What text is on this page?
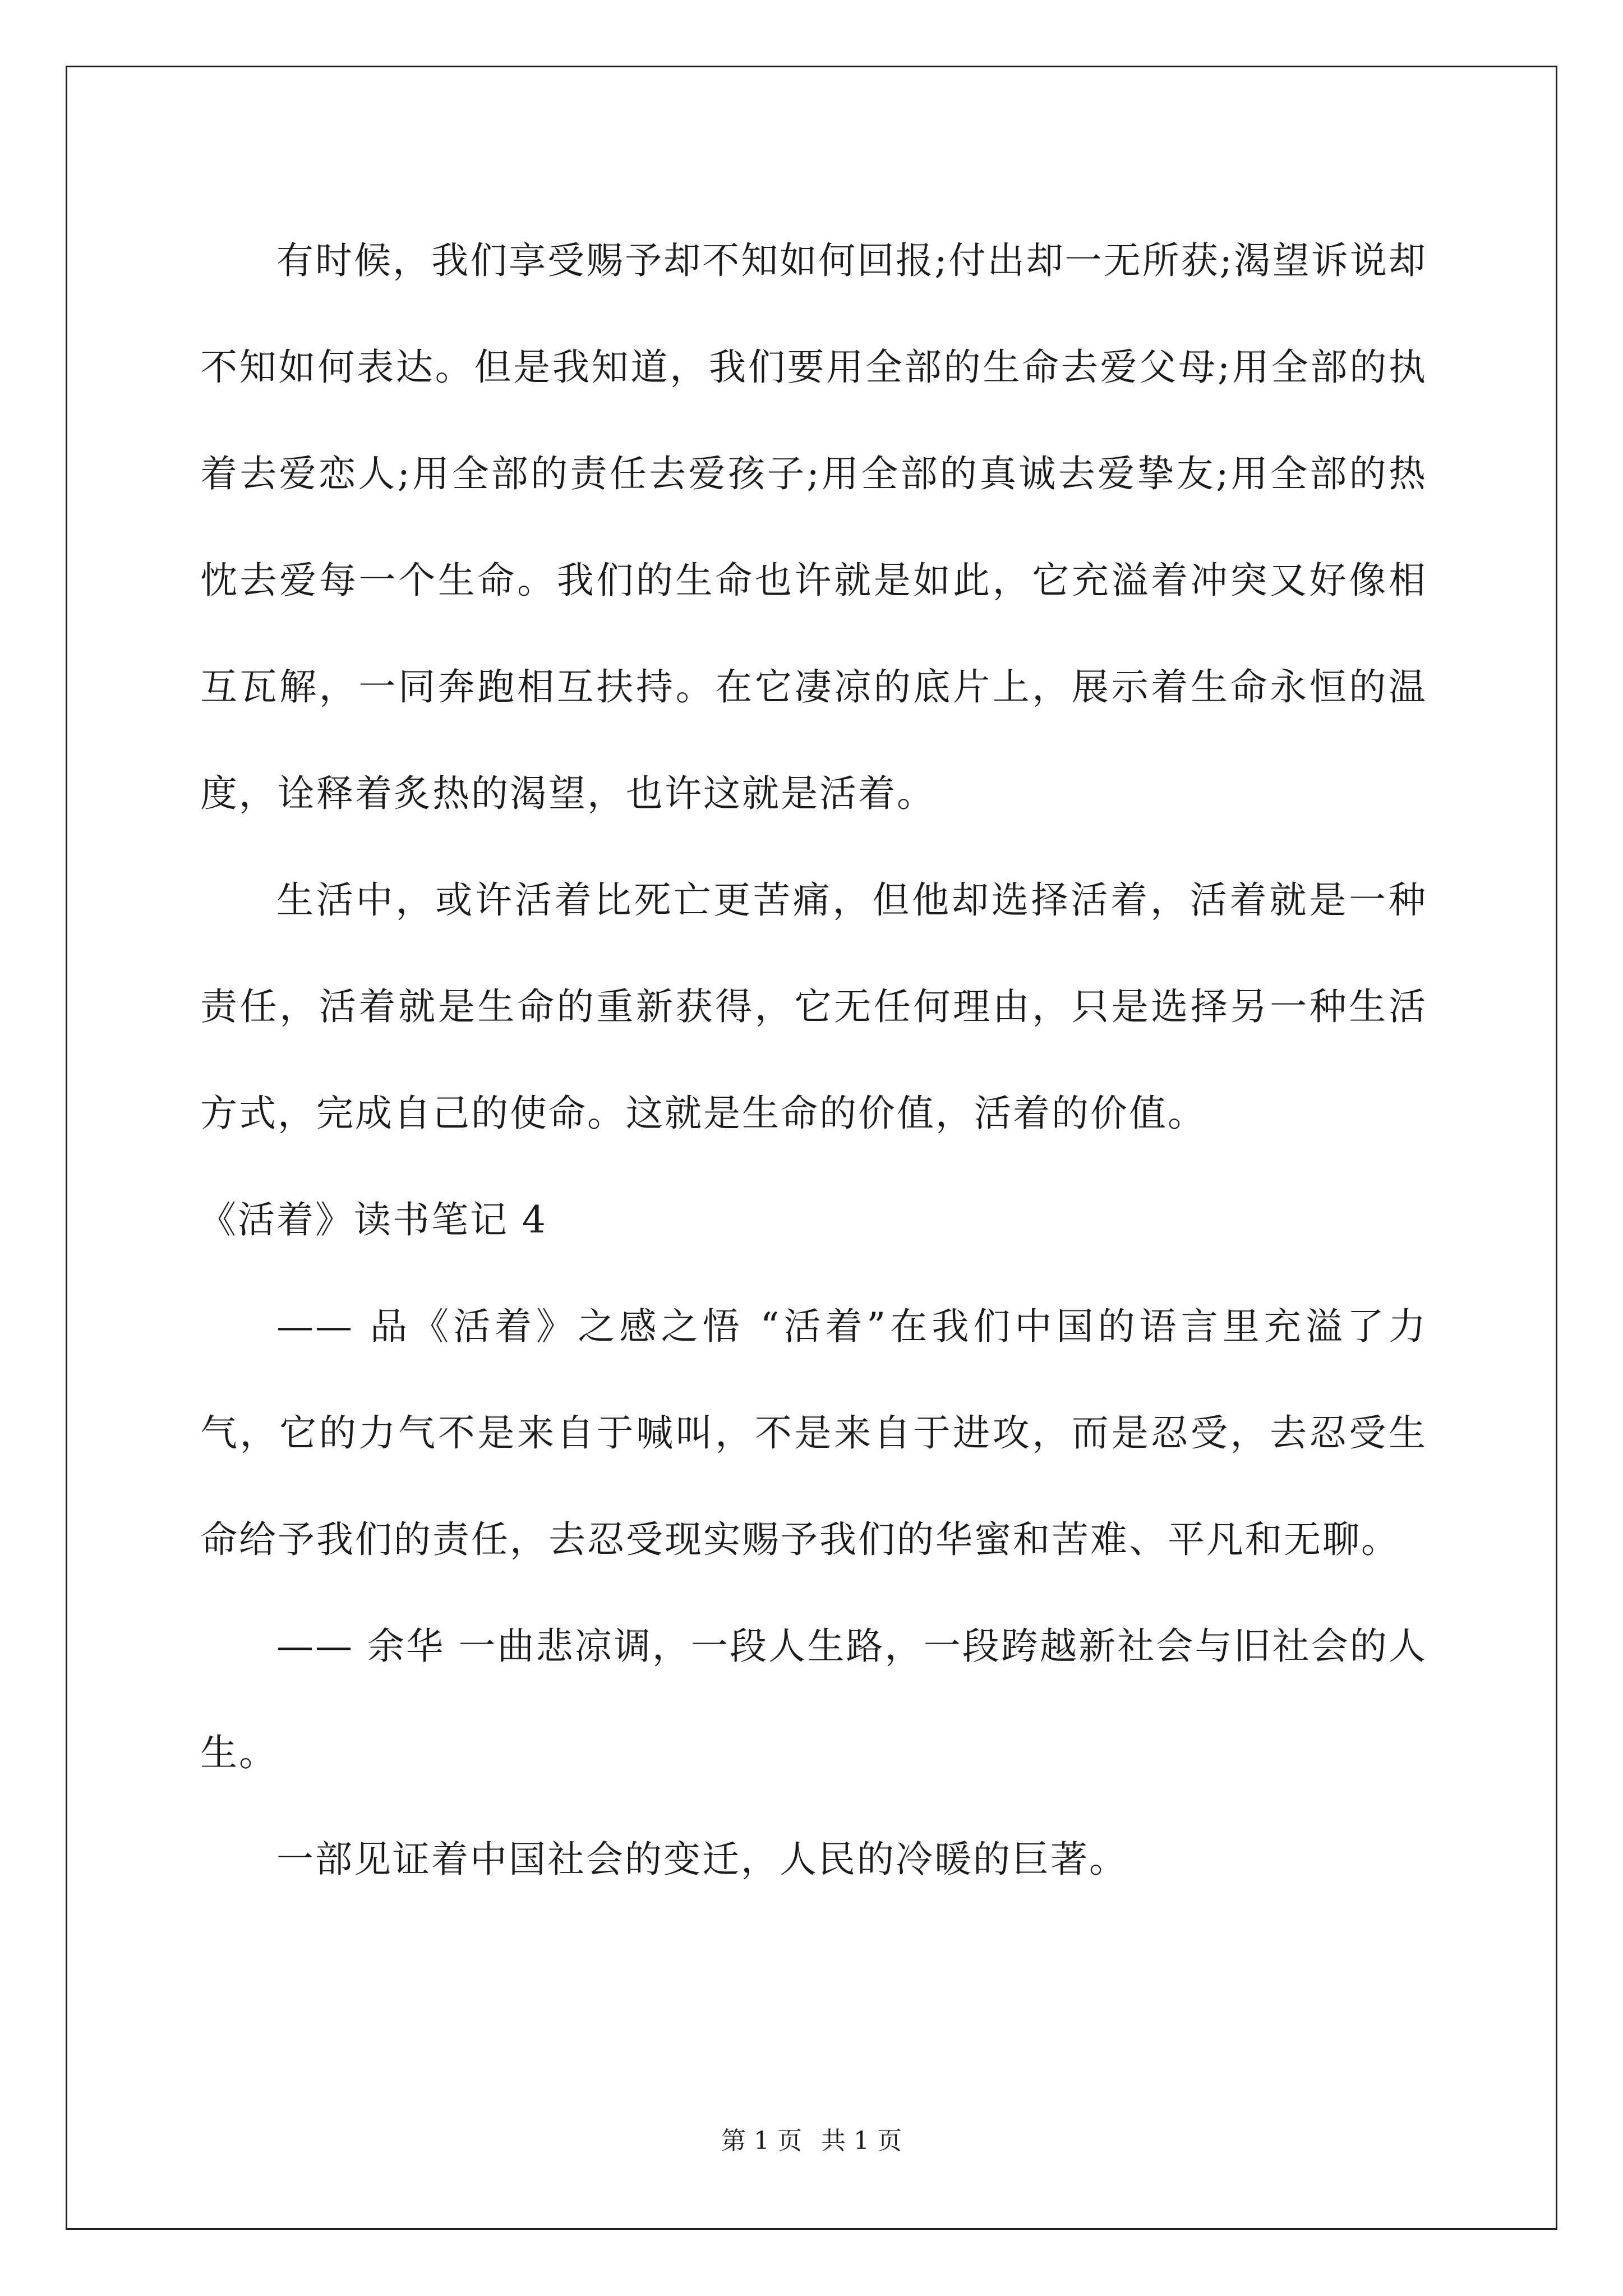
有时候，我们享受赐予却不知如何回报;付出却一无所获;渴望诉说却不知如何表达。但是我知道，我们要用全部的生命去爱父母;用全部的执着去爱恋人;用全部的责任去爱孩子;用全部的真诚去爱挚友;用全部的热忱去爱每一个生命。我们的生命也许就是如此，它充溢着冲突又好像相互瓦解，一同奔跑相互扶持。在它凄凉的底片上，展示着生命永恒的温度，诠释着炙热的渴望，也许这就是活着。

生活中，或许活着比死亡更苦痛，但他却选择活着，活着就是一种责任，活着就是生命的重新获得，它无任何理由，只是选择另一种生活方式，完成自己的使命。这就是生命的价值，活着的价值。

《活着》读书笔记 4

—— 品《活着》之感之悟 “活着”在我们中国的语言里充溢了力气，它的力气不是来自于喊叫，不是来自于进攻，而是忍受，去忍受生命给予我们的责任，去忍受现实赐予我们的华蜜和苦难、平凡和无聊。

—— 余华 一曲悲凉调，一段人生路，一段跨越新社会与旧社会的人生。

一部见证着中国社会的变迁，人民的冷暖的巨著。

第 1 页 共 1 页
